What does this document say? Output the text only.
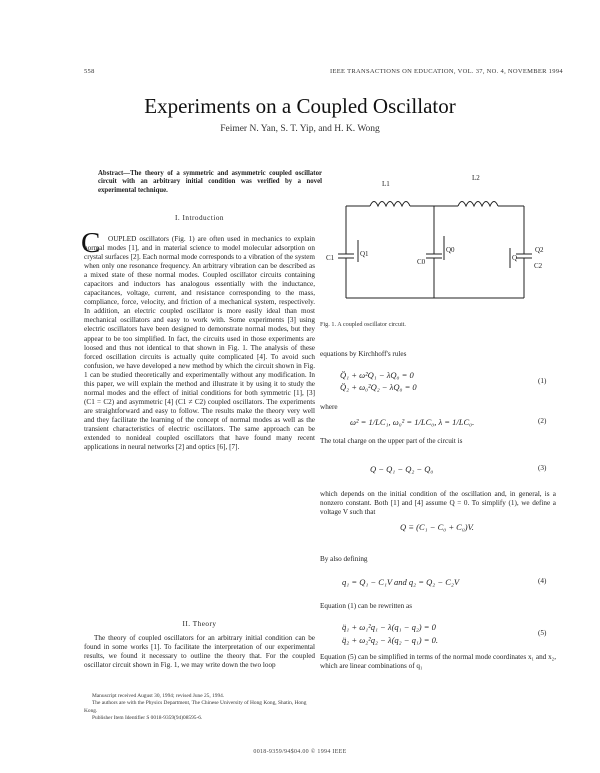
558	IEEE TRANSACTIONS ON EDUCATION, VOL. 37, NO. 4, NOVEMBER 1994
Experiments on a Coupled Oscillator
Feimer N. Yan, S. T. Yip, and H. K. Wong
Abstract—The theory of a symmetric and asymmetric coupled oscillator circuit with an arbitrary initial condition was verified by a novel experimental technique.
I. Introduction
C	OUPLED oscillators (Fig. 1) are often used in mechanics to explain normal modes [1], and in material science to model molecular adsorption on crystal surfaces [2]. Each normal mode corresponds to a vibration of the system when only one resonance frequency. An arbitrary vibration can be described as a mixed state of these normal modes. Coupled oscillator circuits containing capacitors and inductors has analogous essentially with the inductance, capacitances, voltage, current, and resistance corresponding to the mass, compliance, force, velocity, and friction of a mechanical system, respectively. In addition, an electric coupled oscillator is more easily ideal than most mechanical oscillators and easy to work with. Some experiments [3] using electric oscillators have been designed to demonstrate normal modes, but they appear to be too simplified. In fact, the circuits used in those experiments are loosed and thus not identical to that shown in Fig. 1. The analysis of these forced oscillation circuits is actually quite complicated [4]. To avoid such confusion, we have developed a new method by which the circuit shown in Fig. 1 can be studied theoretically and experimentally without any modification. In this paper, we will explain the method and illustrate it by using it to study the normal modes and the effect of initial conditions for both symmetric [1], [3] (C1 = C2) and asymmetric [4] (C1 ≠ C2) coupled oscillators. The experiments are straightforward and easy to follow. The results make the theory very well and they facilitate the learning of the concept of normal modes as well as the transient characteristics of electric oscillators. The same approach can be extended to nonideal coupled oscillators that have found many recent applications in neural networks [2] and optics [6], [7].
II. Theory
The theory of coupled oscillators for an arbitrary initial condition can be found in some works [1]. To facilitate the interpretation of our experimental results, we found it necessary to outline the theory that. For the coupled oscillator circuit shown in Fig. 1, we may write down the two loop

Manuscript received August 30, 1994; revised June 25, 1994.

The authors are with the Physics Department, The Chinese University of Hong Kong, Shatin, Hong Kong.

Publisher Item Identifier S 0018-9359(94)08595-6.

L1
L2
C1	C0	C2
Q1	Q0
Q
Q2
Fig. 1. A coupled oscillator circuit.
equations by Kirchhoff's rules
Q̈₁ + ω²Q₁ − λQ₀ = 0
Q̈₂ + ω₀²Q₂ − λQ₀ = 0
(1)
where
ω² = 1/LC₁, ω₀² = 1/LC₀, λ = 1/LC₀.	(2)
The total charge on the upper part of the circuit is
Q − Q₁ − Q₂ − Q₀	(3)
which depends on the initial condition of the oscillation and, in general, is a nonzero constant. Both [1] and [4] assume Q = 0. To simplify (1), we define a voltage V such that
Q ≡ (C₁ − C₀ + C₀)V.
By also defining
q₁ = Q₁ − C₁V and q₂ = Q₂ − C₂V	(4)
Equation (1) can be rewritten as
q̈₁ + ω₁²q₁ − λ(q₁ − q₂) = 0
q̈₂ + ω₂²q₂ − λ(q₂ − q₁) = 0.
(5)
Equation (5) can be simplified in terms of the normal mode coordinates x₁ and x₂, which are linear combinations of q₁
0018-9359/94$04.00 © 1994 IEEE
